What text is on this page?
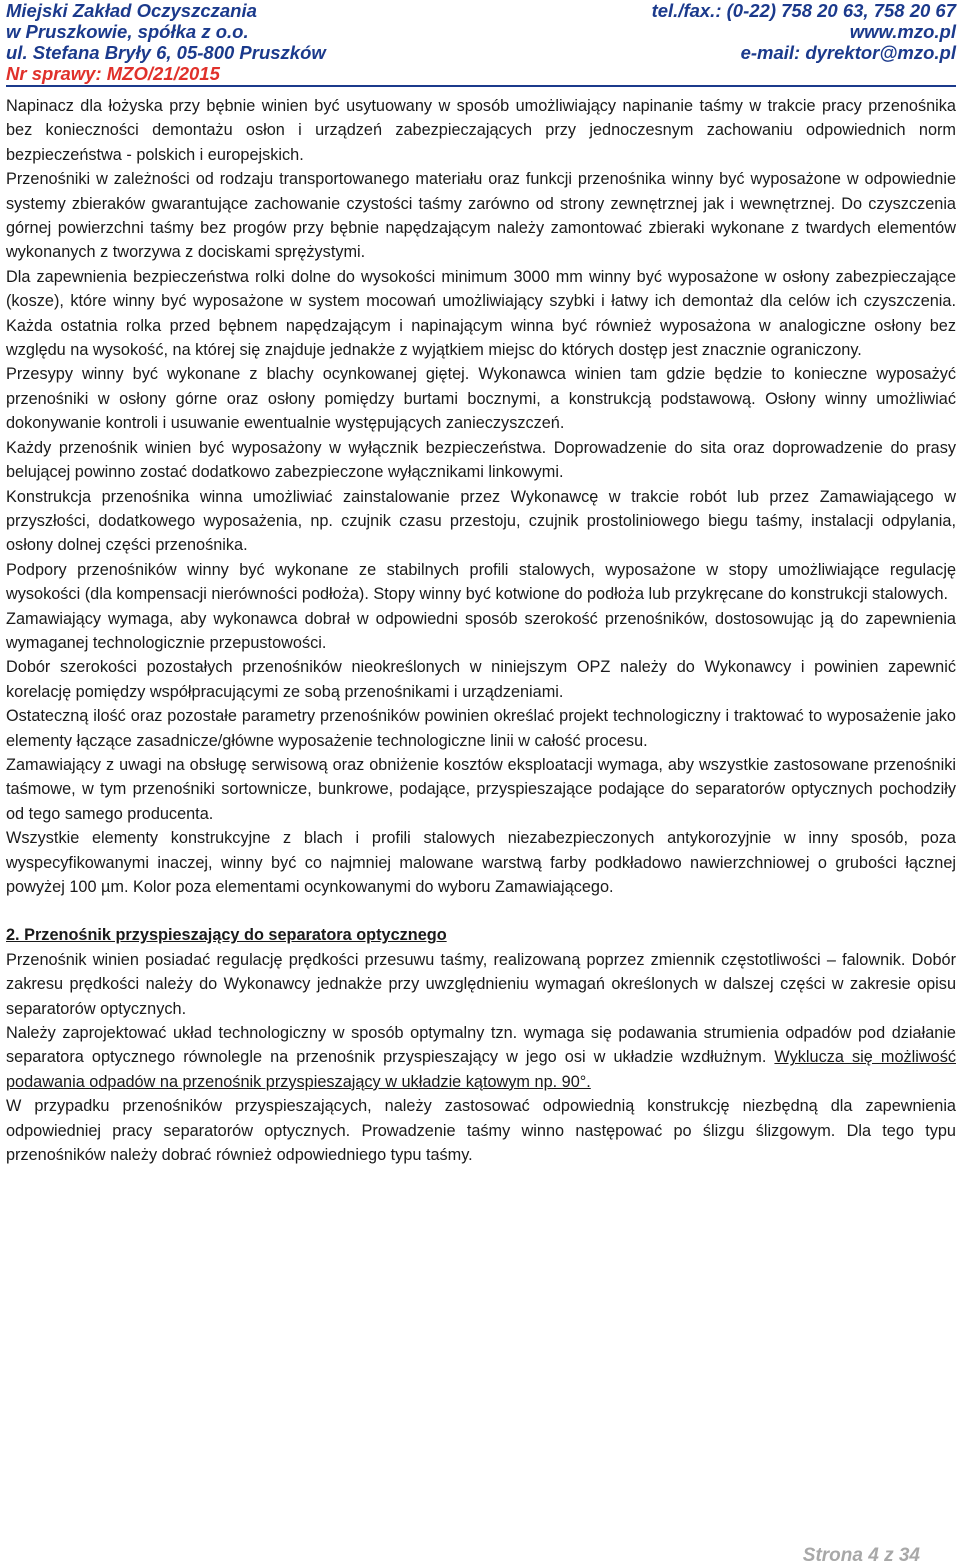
Miejski Zakład Oczyszczania	tel./fax.: (0-22) 758 20 63, 758 20 67
w Pruszkowie, spółka z o.o.	www.mzo.pl
ul. Stefana Bryły 6, 05-800 Pruszków	e-mail: dyrektor@mzo.pl
Nr sprawy: MZO/21/2015

Napinacz dla łożyska przy bębnie winien być usytuowany w sposób umożliwiający napinanie taśmy w trakcie pracy przenośnika bez konieczności demontażu osłon i urządzeń zabezpieczających przy jednoczesnym zachowaniu odpowiednich norm bezpieczeństwa - polskich i europejskich.

Przenośniki w zależności od rodzaju transportowanego materiału oraz funkcji przenośnika winny być wyposażone w odpowiednie systemy zbieraków gwarantujące zachowanie czystości taśmy zarówno od strony zewnętrznej jak i wewnętrznej. Do czyszczenia górnej powierzchni taśmy bez progów przy bębnie napędzającym należy zamontować zbieraki wykonane z twardych elementów wykonanych z tworzywa z dociskami sprężystymi.

Dla zapewnienia bezpieczeństwa rolki dolne do wysokości minimum 3000 mm winny być wyposażone w osłony zabezpieczające (kosze), które winny być wyposażone w system mocowań umożliwiający szybki i łatwy ich demontaż dla celów ich czyszczenia. Każda ostatnia rolka przed bębnem napędzającym i napinającym winna być również wyposażona w analogiczne osłony bez względu na wysokość, na której się znajduje jednakże z wyjątkiem miejsc do których dostęp jest znacznie ograniczony.

Przesypy winny być wykonane z blachy ocynkowanej giętej. Wykonawca winien tam gdzie będzie to konieczne wyposażyć przenośniki w osłony górne oraz osłony pomiędzy burtami bocznymi, a konstrukcją podstawową. Osłony winny umożliwiać dokonywanie kontroli i usuwanie ewentualnie występujących zanieczyszczeń.

Każdy przenośnik winien być wyposażony w wyłącznik bezpieczeństwa. Doprowadzenie do sita oraz doprowadzenie do prasy belującej powinno zostać dodatkowo zabezpieczone wyłącznikami linkowymi.

Konstrukcja przenośnika winna umożliwiać zainstalowanie przez Wykonawcę w trakcie robót lub przez Zamawiającego w przyszłości, dodatkowego wyposażenia, np. czujnik czasu przestoju, czujnik prostoliniowego biegu taśmy, instalacji odpylania, osłony dolnej części przenośnika.

Podpory przenośników winny być wykonane ze stabilnych profili stalowych, wyposażone w stopy umożliwiające regulację wysokości (dla kompensacji nierówności podłoża). Stopy winny być kotwione do podłoża lub przykręcane do konstrukcji stalowych.

Zamawiający wymaga, aby wykonawca dobrał w odpowiedni sposób szerokość przenośników, dostosowując ją do zapewnienia wymaganej technologicznie przepustowości.

Dobór szerokości pozostałych przenośników nieokreślonych w niniejszym OPZ należy do Wykonawcy i powinien zapewnić korelację pomiędzy współpracującymi ze sobą przenośnikami i urządzeniami.

Ostateczną ilość oraz pozostałe parametry przenośników powinien określać projekt technologiczny i traktować to wyposażenie jako elementy łączące zasadnicze/główne wyposażenie technologiczne linii w całość procesu.

Zamawiający z uwagi na obsługę serwisową oraz obniżenie kosztów eksploatacji wymaga, aby wszystkie zastosowane przenośniki taśmowe, w tym przenośniki sortownicze, bunkrowe, podające, przyspieszające podające do separatorów optycznych pochodziły od tego samego producenta.

Wszystkie elementy konstrukcyjne z blach i profili stalowych niezabezpieczonych antykorozyjnie w inny sposób, poza wyspecyfikowanymi inaczej, winny być co najmniej malowane warstwą farby podkładowo nawierzchniowej o grubości łącznej powyżej 100 µm. Kolor poza elementami ocynkowanymi do wyboru Zamawiającego.

2. Przenośnik przyspieszający do separatora optycznego

Przenośnik winien posiadać regulację prędkości przesuwu taśmy, realizowaną poprzez zmiennik częstotliwości – falownik. Dobór zakresu prędkości należy do Wykonawcy jednakże przy uwzględnieniu wymagań określonych w dalszej części w zakresie opisu separatorów optycznych.

Należy zaprojektować układ technologiczny w sposób optymalny tzn. wymaga się podawania strumienia odpadów pod działanie separatora optycznego równolegle na przenośnik przyspieszający w jego osi w układzie wzdłużnym. Wyklucza się możliwość podawania odpadów na przenośnik przyspieszający w układzie kątowym np. 90°.

W przypadku przenośników przyspieszających, należy zastosować odpowiednią konstrukcję niezbędną dla zapewnienia odpowiedniej pracy separatorów optycznych. Prowadzenie taśmy winno następować po ślizgu ślizgowym. Dla tego typu przenośników należy dobrać również odpowiedniego typu taśmy.

Strona 4 z 34
